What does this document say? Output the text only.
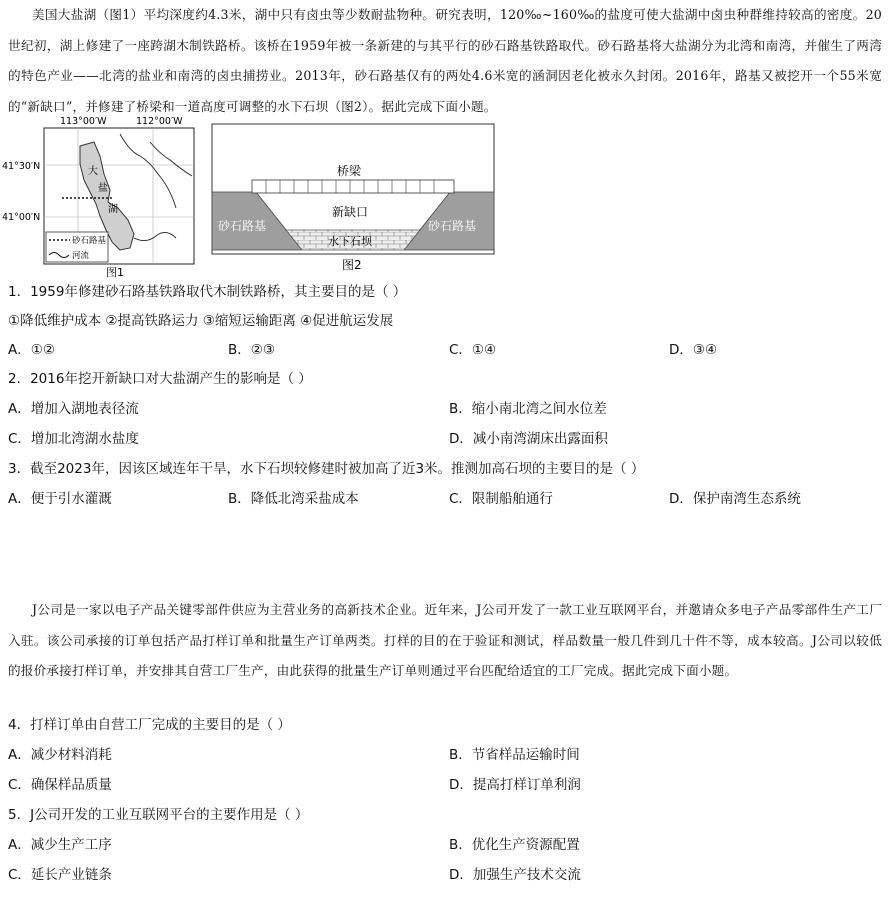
美国大盐湖（图1）平均深度约4.3米，湖中只有卤虫等少数耐盐物种。研究表明，120‰~160‰的盐度可使大盐湖中卤虫种群维持较高的密度。20世纪初，湖上修建了一座跨湖木制铁路桥。该桥在1959年被一条新建的与其平行的砂石路基铁路取代。砂石路基将大盐湖分为北湾和南湾，并催生了两湾的特色产业——北湾的盐业和南湾的卤虫捕捞业。2013年，砂石路基仅有的两处4.6米宽的涵洞因老化被永久封闭。2016年，路基又被挖开一个55米宽的“新缺口”，并修建了桥梁和一道高度可调整的水下石坝（图2）。据此完成下面小题。
113°00′W	112°00′W
41°30′N
41°00′N
大
盐
湖
砂石路基
河流
图1
桥梁
新缺口
砂石路基	砂石路基
水下石坝
图2
1．1959年修建砂石路基铁路取代木制铁路桥，其主要目的是（ ）
①降低维护成本 ②提高铁路运力 ③缩短运输距离 ④促进航运发展
A．①②	B．②③	C．①④	D．③④
2．2016年挖开新缺口对大盐湖产生的影响是（ ）
A．增加入湖地表径流	B．缩小南北湾之间水位差
C．增加北湾湖水盐度	D．减小南湾湖床出露面积
3．截至2023年，因该区域连年干旱，水下石坝较修建时被加高了近3米。推测加高石坝的主要目的是（ ）
A．便于引水灌溉	B．降低北湾采盐成本	C．限制船舶通行	D．保护南湾生态系统
J公司是一家以电子产品关键零部件供应为主营业务的高新技术企业。近年来，J公司开发了一款工业互联网平台，并邀请众多电子产品零部件生产工厂入驻。该公司承接的订单包括产品打样订单和批量生产订单两类。打样的目的在于验证和测试，样品数量一般几件到几十件不等，成本较高。J公司以较低的报价承接打样订单，并安排其自营工厂生产，由此获得的批量生产订单则通过平台匹配给适宜的工厂完成。据此完成下面小题。
4．打样订单由自营工厂完成的主要目的是（ ）
A．减少材料消耗	B．节省样品运输时间
C．确保样品质量	D．提高打样订单利润
5．J公司开发的工业互联网平台的主要作用是（ ）
A．减少生产工序	B．优化生产资源配置
C．延长产业链条	D．加强生产技术交流
